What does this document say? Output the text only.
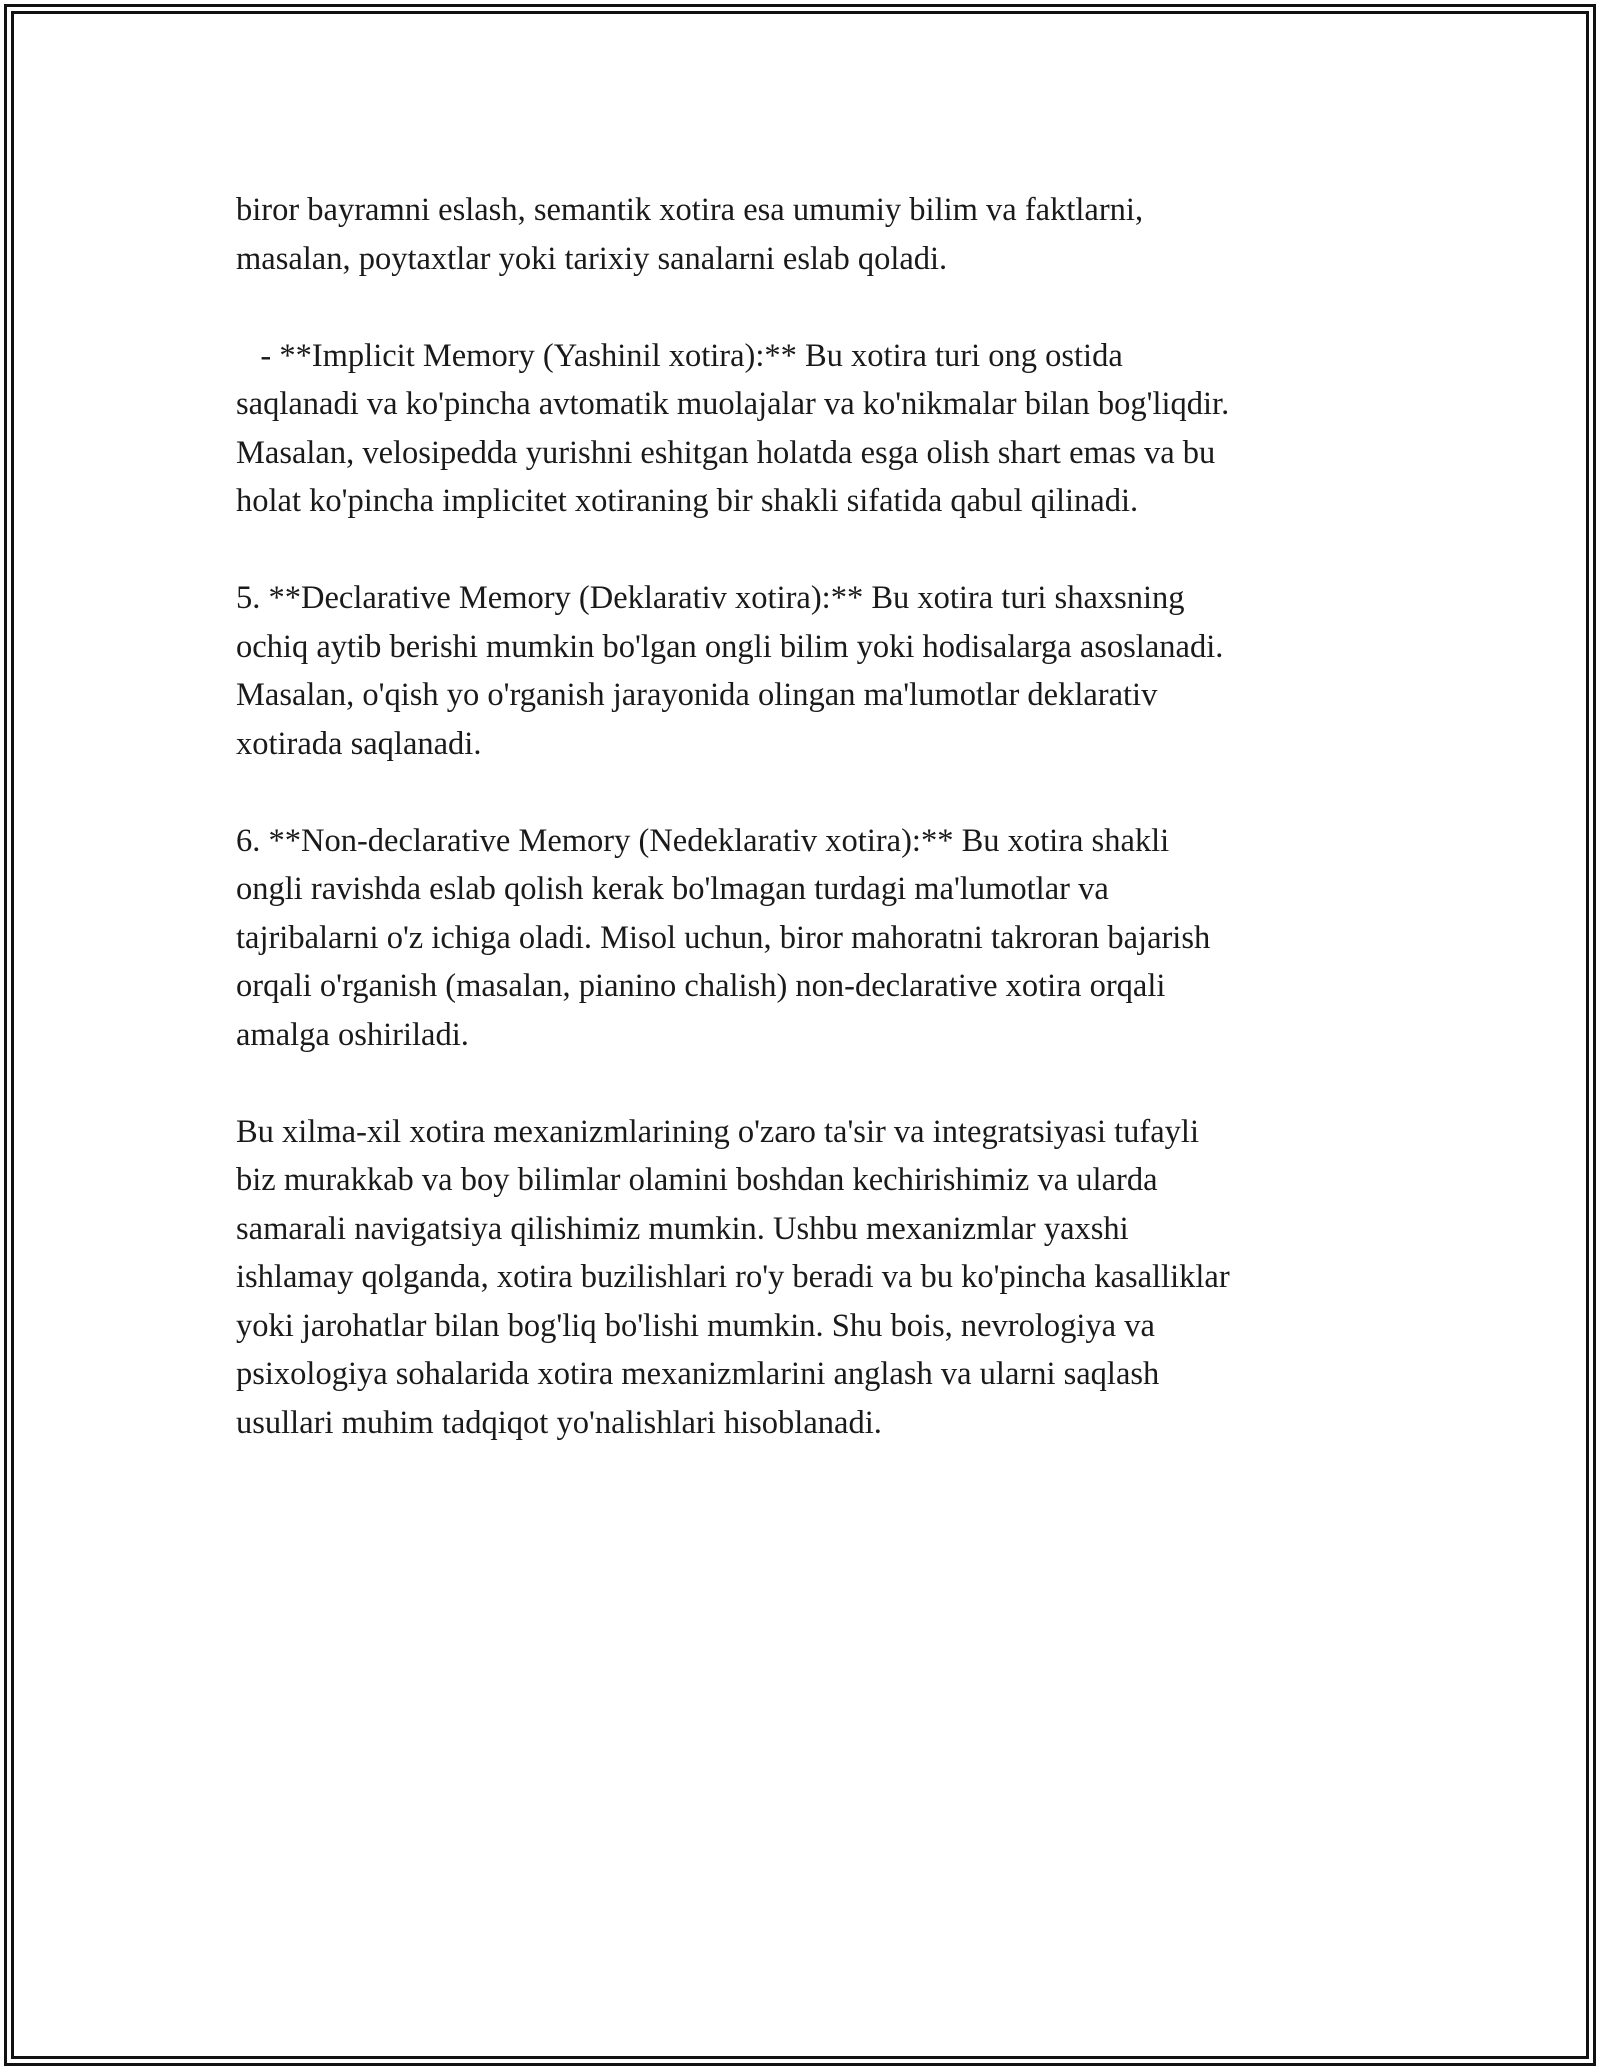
biror bayramni eslash, semantik xotira esa umumiy bilim va faktlarni,
masalan, poytaxtlar yoki tarixiy sanalarni eslab qoladi.

- **Implicit Memory (Yashinil xotira):** Bu xotira turi ong ostida
saqlanadi va ko'pincha avtomatik muolajalar va ko'nikmalar bilan bog'liqdir.
Masalan, velosipedda yurishni eshitgan holatda esga olish shart emas va bu
holat ko'pincha implicitet xotiraning bir shakli sifatida qabul qilinadi.

5. **Declarative Memory (Deklarativ xotira):** Bu xotira turi shaxsning
ochiq aytib berishi mumkin bo'lgan ongli bilim yoki hodisalarga asoslanadi.
Masalan, o'qish yo o'rganish jarayonida olingan ma'lumotlar deklarativ
xotirada saqlanadi.

6. **Non-declarative Memory (Nedeklarativ xotira):** Bu xotira shakli
ongli ravishda eslab qolish kerak bo'lmagan turdagi ma'lumotlar va
tajribalarni o'z ichiga oladi. Misol uchun, biror mahoratni takroran bajarish
orqali o'rganish (masalan, pianino chalish) non-declarative xotira orqali
amalga oshiriladi.

Bu xilma-xil xotira mexanizmlarining o'zaro ta'sir va integratsiyasi tufayli
biz murakkab va boy bilimlar olamini boshdan kechirishimiz va ularda
samarali navigatsiya qilishimiz mumkin. Ushbu mexanizmlar yaxshi
ishlamay qolganda, xotira buzilishlari ro'y beradi va bu ko'pincha kasalliklar
yoki jarohatlar bilan bog'liq bo'lishi mumkin. Shu bois, nevrologiya va
psixologiya sohalarida xotira mexanizmlarini anglash va ularni saqlash
usullari muhim tadqiqot yo'nalishlari hisoblanadi.
